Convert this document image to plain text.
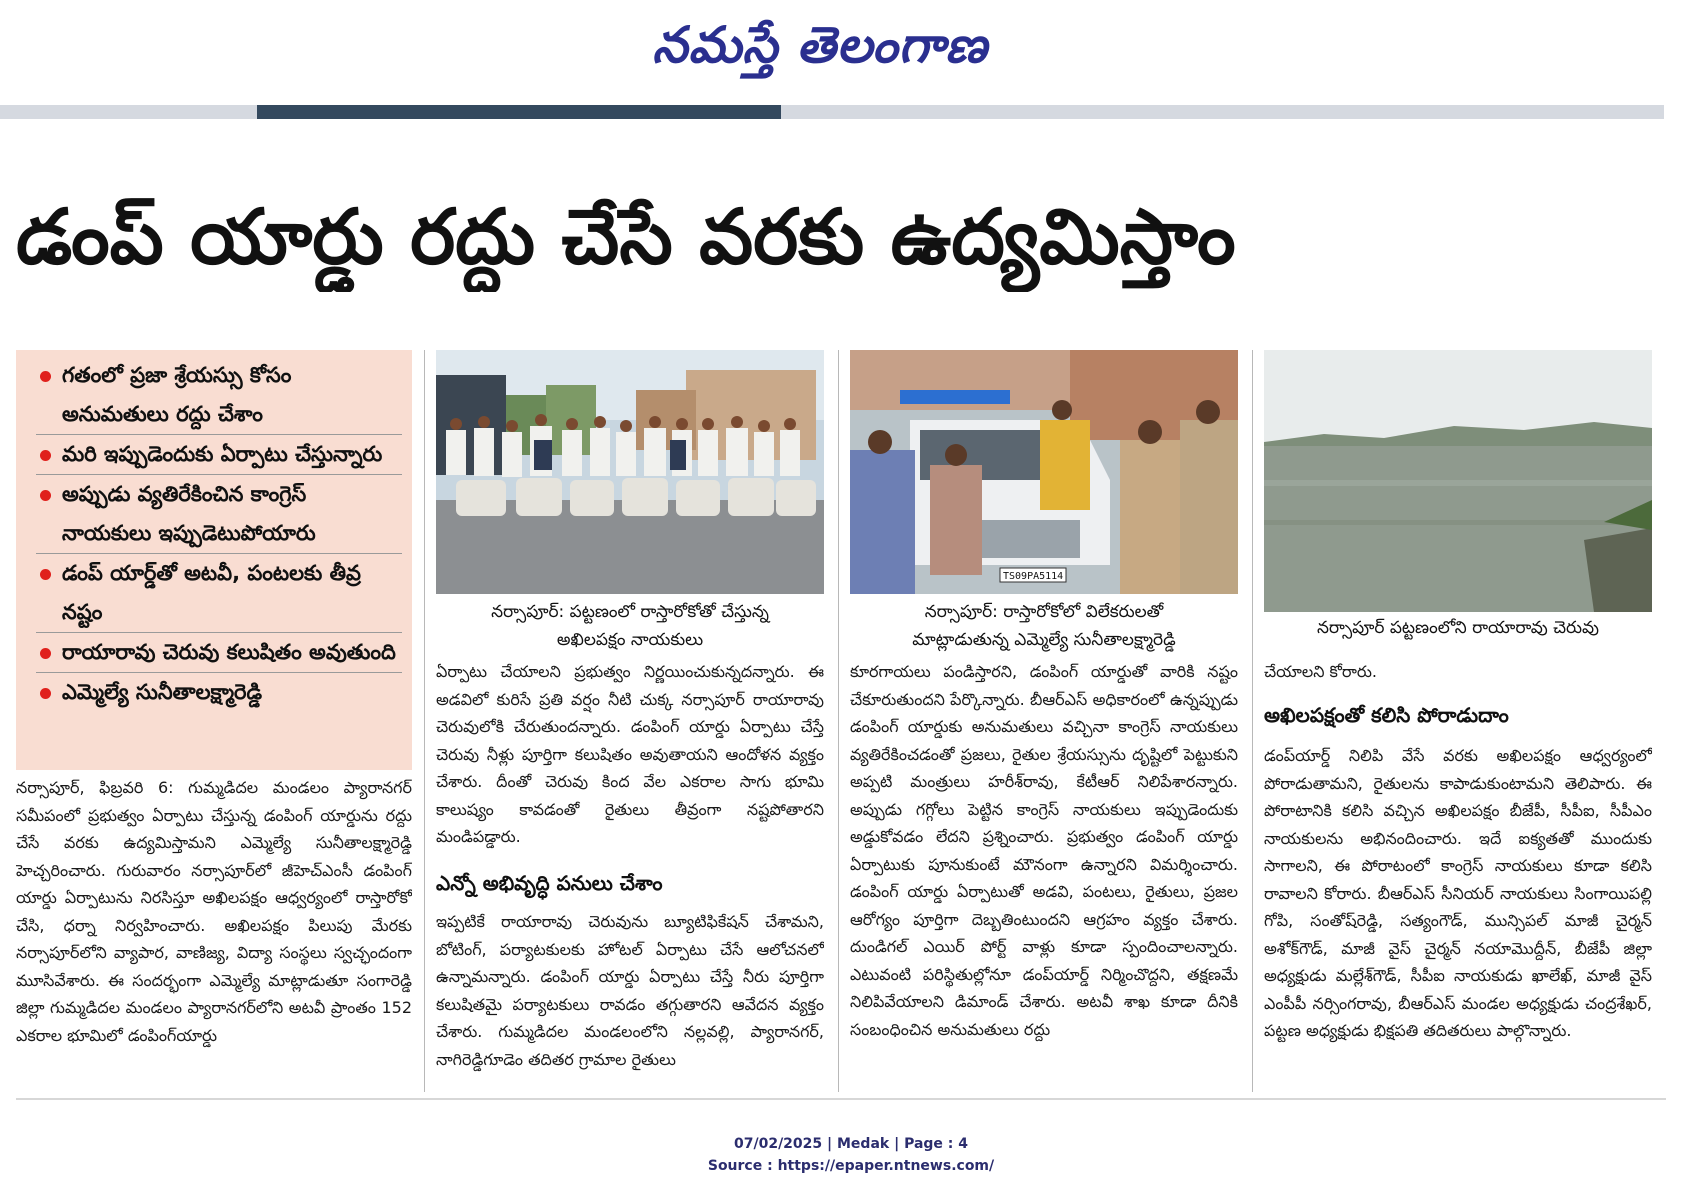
నమస్తే తెలంగాణ
డంప్ యార్డు రద్దు చేసే వరకు ఉద్యమిస్తాం
గతంలో ప్రజా శ్రేయస్సు కోసం అనుమతులు రద్దు చేశాం
మరి ఇప్పుడెందుకు ఏర్పాటు చేస్తున్నారు
అప్పుడు వ్యతిరేకించిన కాంగ్రెస్ నాయకులు ఇప్పుడెటుపోయారు
డంప్ యార్డ్‌తో అటవీ, పంటలకు తీవ్ర నష్టం
రాయారావు చెరువు కలుషితం అవుతుంది
ఎమ్మెల్యే సునీతాలక్ష్మారెడ్డి
నర్సాపూర్: పట్టణంలో రాస్తారోకోతో చేస్తున్న అఖిలపక్షం నాయకులు
TS09PA5114
నర్సాపూర్: రాస్తారోకోలో విలేకరులతో మాట్లాడుతున్న ఎమ్మెల్యే సునీతాలక్ష్మారెడ్డి
నర్సాపూర్ పట్టణంలోని రాయారావు చెరువు
నర్సాపూర్, ఫిబ్రవరి 6: గుమ్మడిదల మండలం ప్యారానగర్ సమీపంలో ప్రభుత్వం ఏర్పాటు చేస్తున్న డంపింగ్ యార్డును రద్దు చేసే వరకు ఉద్యమిస్తామని ఎమ్మెల్యే సునీతాలక్ష్మారెడ్డి హెచ్చరించారు. గురువారం నర్సాపూర్‌లో జీహెచ్ఎంసీ డంపింగ్ యార్డు ఏర్పాటును నిరసిస్తూ అఖిలపక్షం ఆధ్వర్యంలో రాస్తారోకో చేసి, ధర్నా నిర్వహించారు. అఖిలపక్షం పిలుపు మేరకు నర్సాపూర్‌లోని వ్యాపార, వాణిజ్య, విద్యా సంస్థలు స్వచ్ఛందంగా మూసివేశారు. ఈ సందర్భంగా ఎమ్మెల్యే మాట్లాడుతూ సంగారెడ్డి జిల్లా గుమ్మడిదల మండలం ప్యారానగర్‌లోని అటవీ ప్రాంతం 152 ఎకరాల భూమిలో డంపింగ్‌యార్డు
ఏర్పాటు చేయాలని ప్రభుత్వం నిర్ణయించుకున్నదన్నారు. ఈ అడవిలో కురిసే ప్రతి వర్షం నీటి చుక్క నర్సాపూర్ రాయారావు చెరువులోకి చేరుతుందన్నారు. డంపింగ్ యార్డు ఏర్పాటు చేస్తే చెరువు నీళ్లు పూర్తిగా కలుషితం అవుతాయని ఆందోళన వ్యక్తం చేశారు. దీంతో చెరువు కింద వేల ఎకరాల సాగు భూమి కాలుష్యం కావడంతో రైతులు తీవ్రంగా నష్టపోతారని మండిపడ్డారు.
ఎన్నో అభివృద్ధి పనులు చేశాం
ఇప్పటికే రాయారావు చెరువును బ్యూటిఫికేషన్ చేశామని, బోటింగ్, పర్యాటకులకు హోటల్ ఏర్పాటు చేసే ఆలోచనలో ఉన్నామన్నారు. డంపింగ్ యార్డు ఏర్పాటు చేస్తే నీరు పూర్తిగా కలుషితమై పర్యాటకులు రావడం తగ్గుతారని ఆవేదన వ్యక్తం చేశారు. గుమ్మడిదల మండలంలోని నల్లవల్లి, ప్యారానగర్, నాగిరెడ్డిగూడెం తదితర గ్రామాల రైతులు
కూరగాయలు పండిస్తారని, డంపింగ్ యార్డుతో వారికి నష్టం చేకూరుతుందని పేర్కొన్నారు. బీఆర్ఎస్ అధికారంలో ఉన్నప్పుడు డంపింగ్ యార్డుకు అనుమతులు వచ్చినా కాంగ్రెస్ నాయకులు వ్యతిరేకించడంతో ప్రజలు, రైతుల శ్రేయస్సును దృష్టిలో పెట్టుకుని అప్పటి మంత్రులు హరీశ్‌రావు, కేటీఆర్ నిలిపేశారన్నారు. అప్పుడు గగ్గోలు పెట్టిన కాంగ్రెస్ నాయకులు ఇప్పుడెందుకు అడ్డుకోవడం లేదని ప్రశ్నించారు. ప్రభుత్వం డంపింగ్ యార్డు ఏర్పాటుకు పూనుకుంటే మౌనంగా ఉన్నారని విమర్శించారు. డంపింగ్ యార్డు ఏర్పాటుతో అడవి, పంటలు, రైతులు, ప్రజల ఆరోగ్యం పూర్తిగా దెబ్బతింటుందని ఆగ్రహం వ్యక్తం చేశారు. దుండిగల్ ఎయిర్ పోర్ట్ వాళ్లు కూడా స్పందించాలన్నారు. ఎటువంటి పరిస్థితుల్లోనూ డంప్‌యార్డ్ నిర్మించొద్దని, తక్షణమే నిలిపివేయాలని డిమాండ్ చేశారు. అటవీ శాఖ కూడా దీనికి సంబంధించిన అనుమతులు రద్దు
చేయాలని కోరారు.
అఖిలపక్షంతో కలిసి పోరాడుదాం
డంప్‌యార్డ్ నిలిపి వేసే వరకు అఖిలపక్షం ఆధ్వర్యంలో పోరాడుతామని, రైతులను కాపాడుకుంటామని తెలిపారు. ఈ పోరాటానికి కలిసి వచ్చిన అఖిలపక్షం బీజేపీ, సీపీఐ, సీపీఎం నాయకులను అభినందించారు. ఇదే ఐక్యతతో ముందుకు సాగాలని, ఈ పోరాటంలో కాంగ్రెస్ నాయకులు కూడా కలిసి రావాలని కోరారు. బీఆర్ఎస్ సీనియర్ నాయకులు సింగాయిపల్లి గోపి, సంతోష్‌రెడ్డి, సత్యంగౌడ్, మున్సిపల్ మాజీ చైర్మన్ అశోక్‌గౌడ్, మాజీ వైస్ చైర్మన్ నయామొద్దీన్, బీజేపీ జిల్లా అధ్యక్షుడు మల్లేశ్‌గౌడ్, సీపీఐ నాయకుడు ఖాలేఖ్, మాజీ వైస్ ఎంపీపీ నర్సింగరావు, బీఆర్ఎస్ మండల అధ్యక్షుడు చంద్రశేఖర్, పట్టణ అధ్యక్షుడు భిక్షపతి తదితరులు పాల్గొన్నారు.
07/02/2025 | Medak | Page : 4
Source : https://epaper.ntnews.com/
